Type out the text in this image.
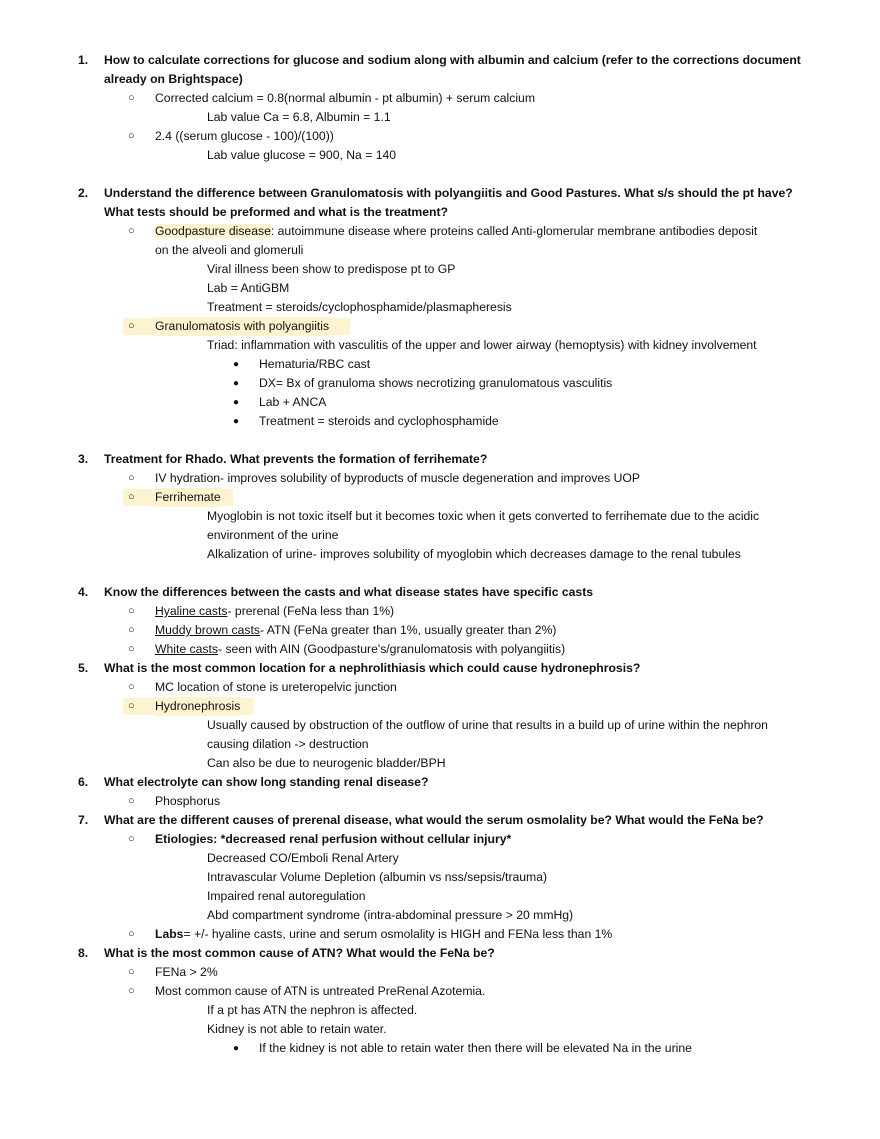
1. How to calculate corrections for glucose and sodium along with albumin and calcium (refer to the corrections document
already on Brightspace)
○ Corrected calcium = 0.8(normal albumin - pt albumin) + serum calcium
Lab value Ca = 6.8, Albumin = 1.1
○ 2.4 ((serum glucose - 100)/(100))
Lab value glucose = 900, Na = 140
2. Understand the difference between Granulomatosis with polyangiitis and Good Pastures. What s/s should the pt have?
What tests should be preformed and what is the treatment?
○ Goodpasture disease: autoimmune disease where proteins called Anti-glomerular membrane antibodies deposit
on the alveoli and glomeruli
Viral illness been show to predispose pt to GP
Lab = AntiGBM
Treatment = steroids/cyclophosphamide/plasmapheresis
○ Granulomatosis with polyangiitis
Triad: inflammation with vasculitis of the upper and lower airway (hemoptysis) with kidney involvement
● Hematuria/RBC cast
● DX= Bx of granuloma shows necrotizing granulomatous vasculitis
● Lab + ANCA
● Treatment = steroids and cyclophosphamide
3. Treatment for Rhado. What prevents the formation of ferrihemate?
○ IV hydration- improves solubility of byproducts of muscle degeneration and improves UOP
○ Ferrihemate
Myoglobin is not toxic itself but it becomes toxic when it gets converted to ferrihemate due to the acidic
environment of the urine
Alkalization of urine- improves solubility of myoglobin which decreases damage to the renal tubules
4. Know the differences between the casts and what disease states have specific casts
○ Hyaline casts- prerenal (FeNa less than 1%)
○ Muddy brown casts- ATN (FeNa greater than 1%, usually greater than 2%)
○ White casts- seen with AIN (Goodpasture's/granulomatosis with polyangiitis)
5. What is the most common location for a nephrolithiasis which could cause hydronephrosis?
○ MC location of stone is ureteropelvic junction
○ Hydronephrosis
Usually caused by obstruction of the outflow of urine that results in a build up of urine within the nephron
causing dilation -> destruction
Can also be due to neurogenic bladder/BPH
6. What electrolyte can show long standing renal disease?
○ Phosphorus
7. What are the different causes of prerenal disease, what would the serum osmolality be? What would the FeNa be?
○ Etiologies: *decreased renal perfusion without cellular injury*
Decreased CO/Emboli Renal Artery
Intravascular Volume Depletion (albumin vs nss/sepsis/trauma)
Impaired renal autoregulation
Abd compartment syndrome (intra-abdominal pressure > 20 mmHg)
○ Labs= +/- hyaline casts, urine and serum osmolality is HIGH and FENa less than 1%
8. What is the most common cause of ATN? What would the FeNa be?
○ FENa > 2%
○ Most common cause of ATN is untreated PreRenal Azotemia.
If a pt has ATN the nephron is affected.
Kidney is not able to retain water.
● If the kidney is not able to retain water then there will be elevated Na in the urine
